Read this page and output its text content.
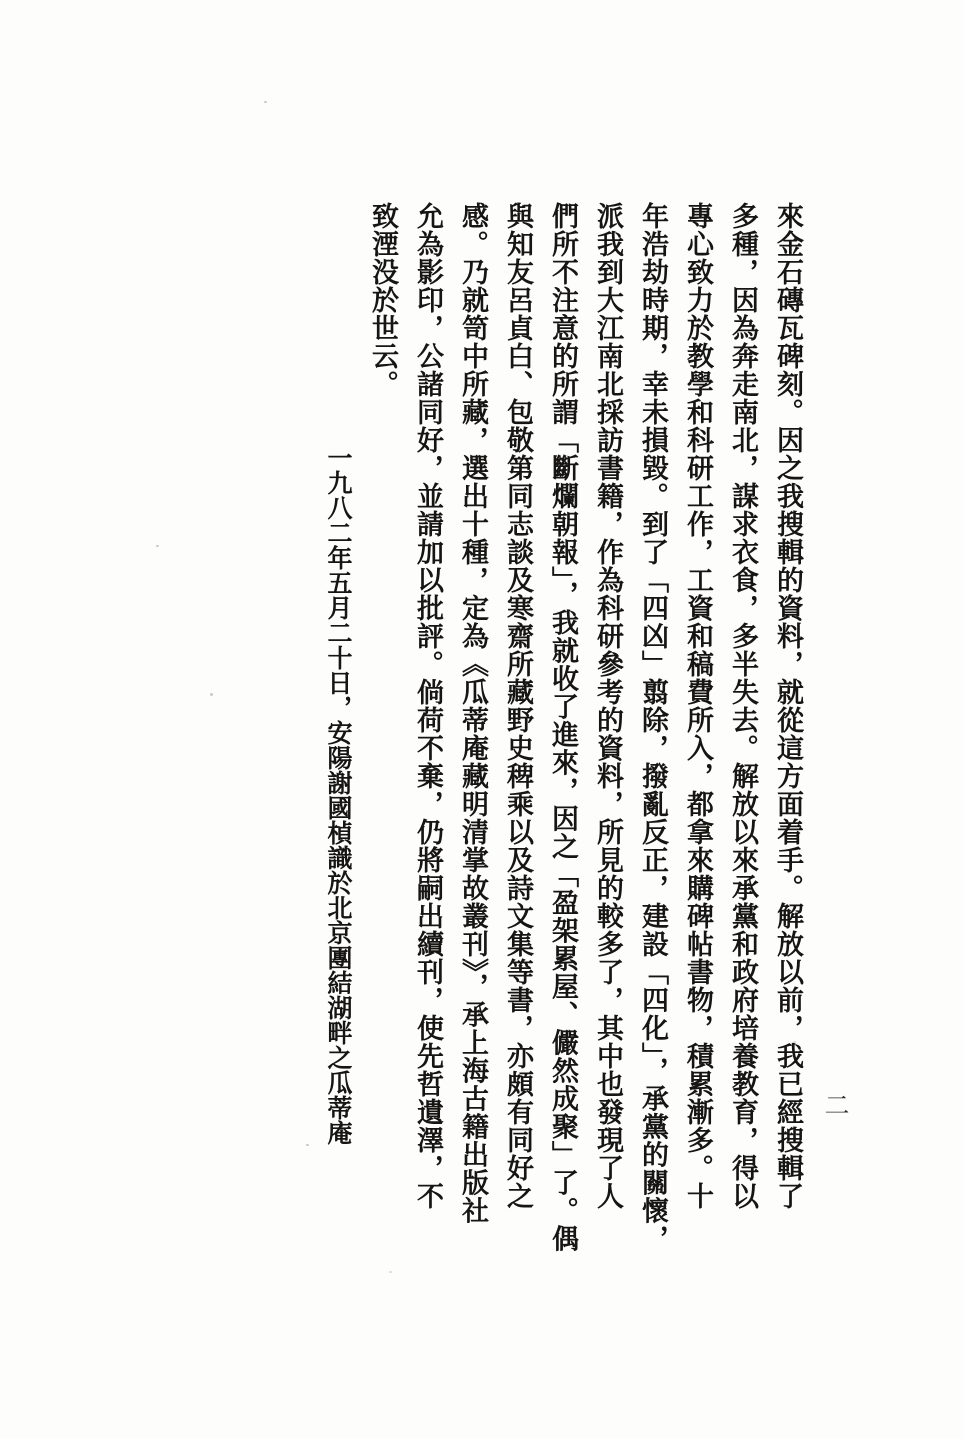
來金石磚瓦碑刻。因之我搜輯的資料，就從這方面着手。解放以前，我已經搜輯了
多種，因為奔走南北，謀求衣食，多半失去。解放以來承黨和政府培養教育，得以
專心致力於教學和科研工作，工資和稿費所入，都拿來購碑帖書物，積累漸多。十
年浩劫時期，幸未損毀。到了「四凶」翦除，撥亂反正，建設「四化」，承黨的關懷，
派我到大江南北採訪書籍，作為科研參考的資料，所見的較多了，其中也發現了人
們所不注意的所謂「斷爛朝報」，我就收了進來，因之「盈架累屋、儼然成聚」了。偶
與知友呂貞白、包敬第同志談及寒齋所藏野史稗乘以及詩文集等書，亦頗有同好之
感。乃就笥中所藏，選出十種，定為《瓜蒂庵藏明清掌故叢刊》，承上海古籍出版社
允為影印，公諸同好，並請加以批評。倘荷不棄，仍將嗣出續刊，使先哲遺澤，不
致湮没於世云。
一九八二年五月二十日，安陽謝國楨識於北京團結湖畔之瓜蒂庵	二
